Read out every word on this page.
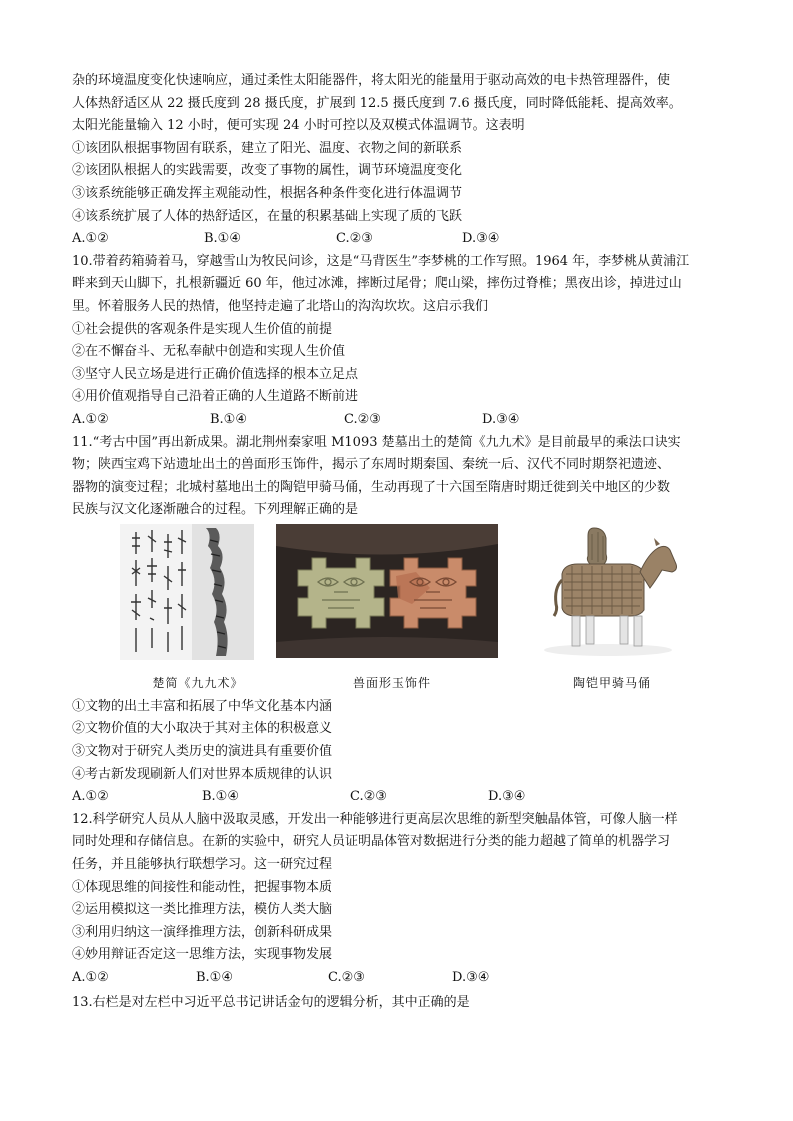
杂的环境温度变化快速响应，通过柔性太阳能器件，将太阳光的能量用于驱动高效的电卡热管理器件，使
人体热舒适区从 22 摄氏度到 28 摄氏度，扩展到 12.5 摄氏度到 7.6 摄氏度，同时降低能耗、提高效率。
太阳光能量输入 12 小时，便可实现 24 小时可控以及双模式体温调节。这表明
①该团队根据事物固有联系，建立了阳光、温度、衣物之间的新联系
②该团队根据人的实践需要，改变了事物的属性，调节环境温度变化
③该系统能够正确发挥主观能动性，根据各种条件变化进行体温调节
④该系统扩展了人体的热舒适区，在量的积累基础上实现了质的飞跃
A.①②	B.①④	C.②③	D.③④
10.带着药箱骑着马，穿越雪山为牧民问诊，这是“马背医生”李梦桃的工作写照。1964 年，李梦桃从黄浦江
畔来到天山脚下，扎根新疆近 60 年，他过冰滩，摔断过尾骨；爬山梁，摔伤过脊椎；黑夜出诊，掉进过山
里。怀着服务人民的热情，他坚持走遍了北塔山的沟沟坎坎。这启示我们
①社会提供的客观条件是实现人生价值的前提
②在不懈奋斗、无私奉献中创造和实现人生价值
③坚守人民立场是进行正确价值选择的根本立足点
④用价值观指导自己沿着正确的人生道路不断前进
A.①②	B.①④	C.②③	D.③④
11.“考古中国”再出新成果。湖北荆州秦家咀 M1093 楚墓出土的楚简《九九术》是目前最早的乘法口诀实
物；陕西宝鸡下站遗址出土的兽面形玉饰件，揭示了东周时期秦国、秦统一后、汉代不同时期祭祀遗迹、
器物的演变过程；北城村墓地出土的陶铠甲骑马俑，生动再现了十六国至隋唐时期迁徙到关中地区的少数
民族与汉文化逐渐融合的过程。下列理解正确的是
楚简《九九术》	兽面形玉饰件	陶铠甲骑马俑
①文物的出土丰富和拓展了中华文化基本内涵
②文物价值的大小取决于其对主体的积极意义
③文物对于研究人类历史的演进具有重要价值
④考古新发现刷新人们对世界本质规律的认识
A.①②	B.①④	C.②③	D.③④
12.科学研究人员从人脑中汲取灵感，开发出一种能够进行更高层次思维的新型突触晶体管，可像人脑一样
同时处理和存储信息。在新的实验中，研究人员证明晶体管对数据进行分类的能力超越了简单的机器学习
任务，并且能够执行联想学习。这一研究过程
①体现思维的间接性和能动性，把握事物本质
②运用模拟这一类比推理方法，模仿人类大脑
③利用归纳这一演绎推理方法，创新科研成果
④妙用辩证否定这一思维方法，实现事物发展
A.①②	B.①④	C.②③	D.③④
13.右栏是对左栏中习近平总书记讲话金句的逻辑分析，其中正确的是
